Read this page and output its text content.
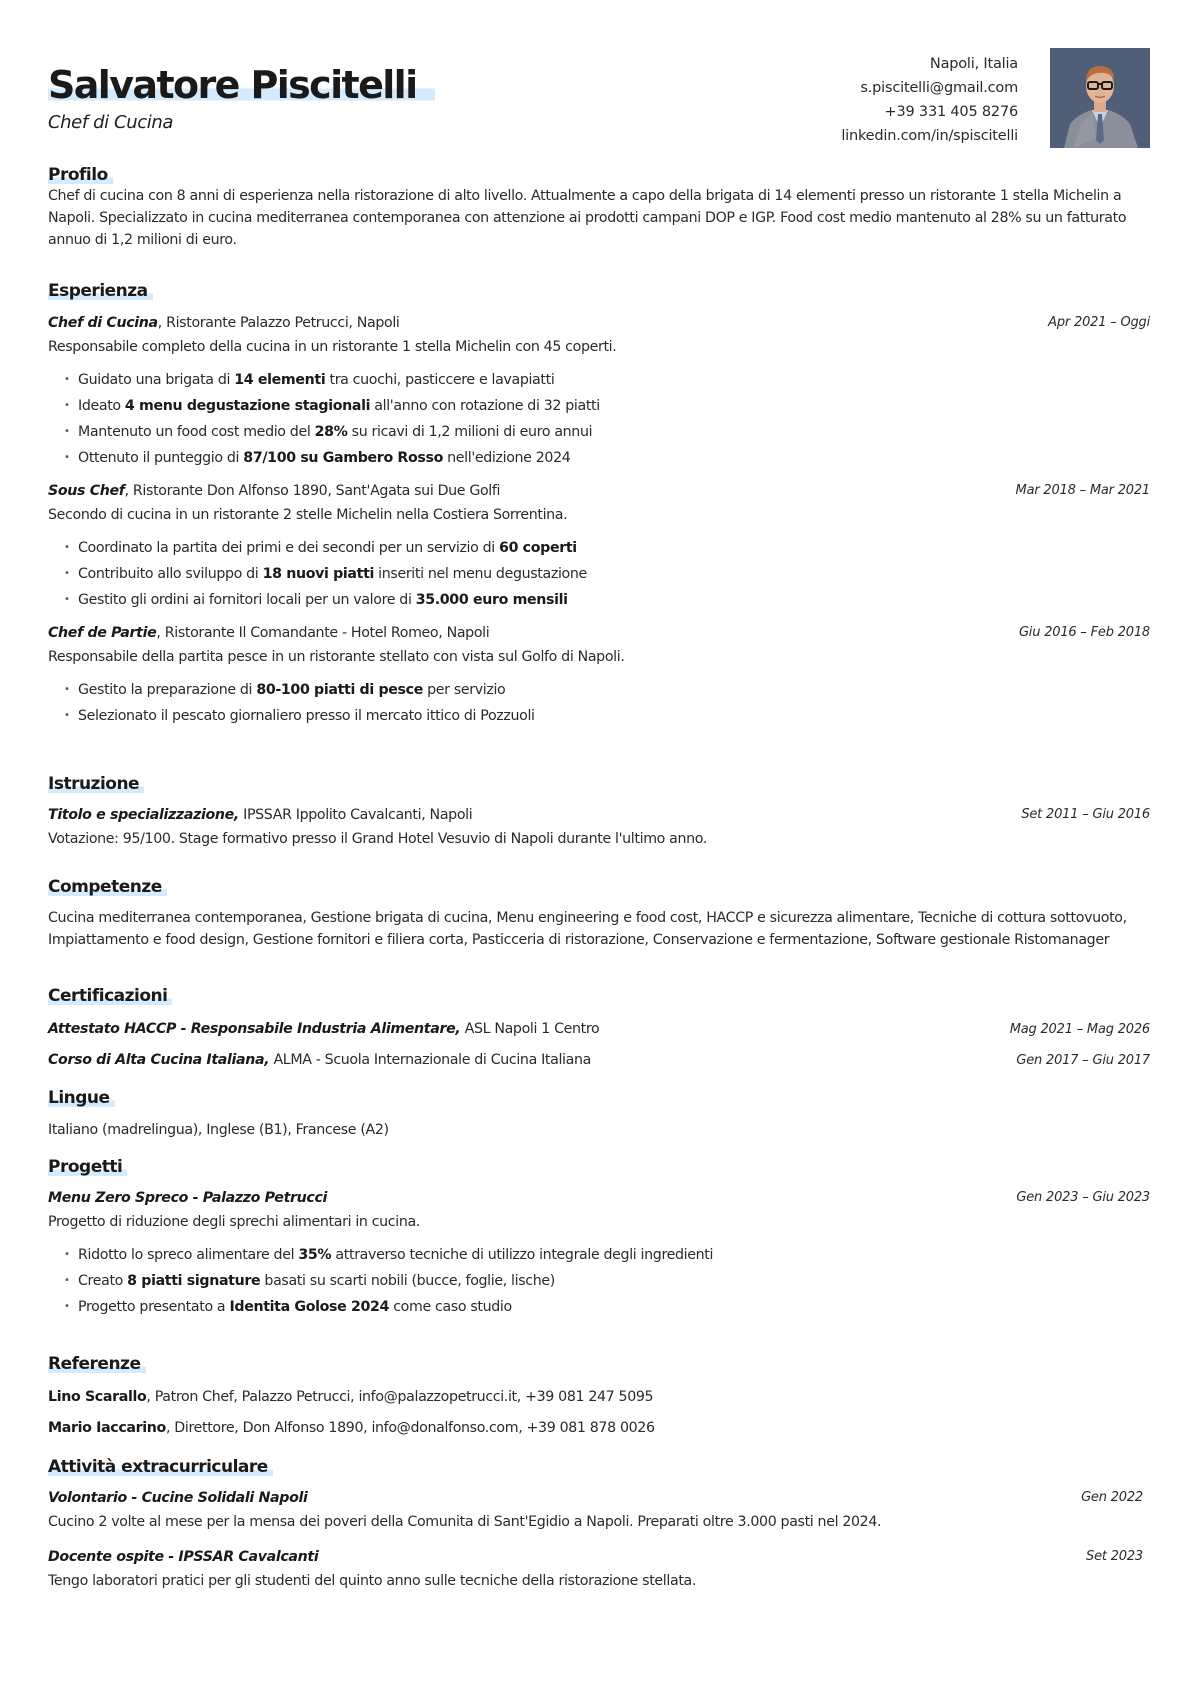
Salvatore Piscitelli
Chef di Cucina
Napoli, Italia
s.piscitelli@gmail.com
+39 331 405 8276
linkedin.com/in/spiscitelli
Profilo
Chef di cucina con 8 anni di esperienza nella ristorazione di alto livello. Attualmente a capo della brigata di 14 elementi presso un ristorante 1 stella Michelin a Napoli. Specializzato in cucina mediterranea contemporanea con attenzione ai prodotti campani DOP e IGP. Food cost medio mantenuto al 28% su un fatturato annuo di 1,2 milioni di euro.
Esperienza
Chef di Cucina, Ristorante Palazzo Petrucci, Napoli	Apr 2021 – Oggi
Responsabile completo della cucina in un ristorante 1 stella Michelin con 45 coperti.
• Guidato una brigata di 14 elementi tra cuochi, pasticcere e lavapiatti
• Ideato 4 menu degustazione stagionali all'anno con rotazione di 32 piatti
• Mantenuto un food cost medio del 28% su ricavi di 1,2 milioni di euro annui
• Ottenuto il punteggio di 87/100 su Gambero Rosso nell'edizione 2024
Sous Chef, Ristorante Don Alfonso 1890, Sant'Agata sui Due Golfi	Mar 2018 – Mar 2021
Secondo di cucina in un ristorante 2 stelle Michelin nella Costiera Sorrentina.
• Coordinato la partita dei primi e dei secondi per un servizio di 60 coperti
• Contribuito allo sviluppo di 18 nuovi piatti inseriti nel menu degustazione
• Gestito gli ordini ai fornitori locali per un valore di 35.000 euro mensili
Chef de Partie, Ristorante Il Comandante - Hotel Romeo, Napoli	Giu 2016 – Feb 2018
Responsabile della partita pesce in un ristorante stellato con vista sul Golfo di Napoli.
• Gestito la preparazione di 80-100 piatti di pesce per servizio
• Selezionato il pescato giornaliero presso il mercato ittico di Pozzuoli
Istruzione
Titolo e specializzazione, IPSSAR Ippolito Cavalcanti, Napoli	Set 2011 – Giu 2016
Votazione: 95/100. Stage formativo presso il Grand Hotel Vesuvio di Napoli durante l'ultimo anno.
Competenze
Cucina mediterranea contemporanea, Gestione brigata di cucina, Menu engineering e food cost, HACCP e sicurezza alimentare, Tecniche di cottura sottovuoto, Impiattamento e food design, Gestione fornitori e filiera corta, Pasticceria di ristorazione, Conservazione e fermentazione, Software gestionale Ristomanager
Certificazioni
Attestato HACCP - Responsabile Industria Alimentare, ASL Napoli 1 Centro	Mag 2021 – Mag 2026
Corso di Alta Cucina Italiana, ALMA - Scuola Internazionale di Cucina Italiana	Gen 2017 – Giu 2017
Lingue
Italiano (madrelingua), Inglese (B1), Francese (A2)
Progetti
Menu Zero Spreco - Palazzo Petrucci	Gen 2023 – Giu 2023
Progetto di riduzione degli sprechi alimentari in cucina.
• Ridotto lo spreco alimentare del 35% attraverso tecniche di utilizzo integrale degli ingredienti
• Creato 8 piatti signature basati su scarti nobili (bucce, foglie, lische)
• Progetto presentato a Identita Golose 2024 come caso studio
Referenze
Lino Scarallo, Patron Chef, Palazzo Petrucci, info@palazzopetrucci.it, +39 081 247 5095
Mario Iaccarino, Direttore, Don Alfonso 1890, info@donalfonso.com, +39 081 878 0026
Attività extracurriculare
Volontario - Cucine Solidali Napoli	Gen 2022
Cucino 2 volte al mese per la mensa dei poveri della Comunita di Sant'Egidio a Napoli. Preparati oltre 3.000 pasti nel 2024.
Docente ospite - IPSSAR Cavalcanti	Set 2023
Tengo laboratori pratici per gli studenti del quinto anno sulle tecniche della ristorazione stellata.
